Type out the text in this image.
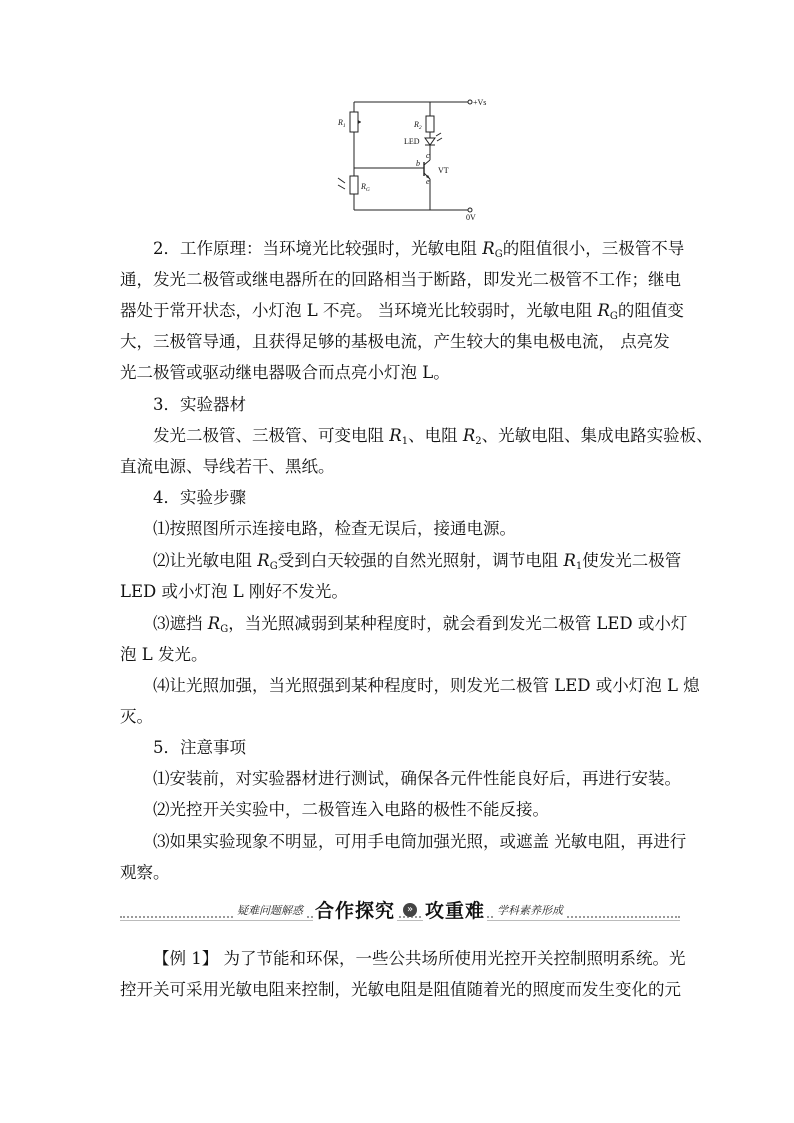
+Vs
$R_1$	$R_2$
LED
c
b
e
VT
$R_G$
0V

2．工作原理：当环境光比较强时，光敏电阻 $R_G$的阻值很小，三极管不导

通，发光二极管或继电器所在的回路相当于断路，即发光二极管不工作；继电
器处于常开状态，小灯泡 L 不亮。 当环境光比较弱时，光敏电阻 $R_G$的阻值变
大，三极管导通，且获得足够的基极电流，产生较大的集电极电流， 点亮发
光二极管或驱动继电器吸合而点亮小灯泡 L。

3．实验器材

发光二极管、三极管、可变电阻 $R_1$、电阻 $R_2$、光敏电阻、集成电路实验板、

直流电源、导线若干、黑纸。

4．实验步骤

⑴按照图所示连接电路，检查无误后，接通电源。

⑵让光敏电阻 $R_G$受到白天较强的自然光照射，调节电阻 $R_1$使发光二极管

LED 或小灯泡 L 刚好不发光。

⑶遮挡 $R_G$，当光照减弱到某种程度时，就会看到发光二极管 LED 或小灯

泡 L 发光。

⑷让光照加强，当光照强到某种程度时，则发光二极管 LED 或小灯泡 L 熄

灭。

5．注意事项

⑴安装前，对实验器材进行测试，确保各元件性能良好后，再进行安装。

⑵光控开关实验中，二极管连入电路的极性不能反接。

⑶如果实验现象不明显，可用手电筒加强光照，或遮盖 光敏电阻，再进行

观察。

疑难问题解惑 合作探究	» 攻重难	学科素养形成

【例 1】 为了节能和环保，一些公共场所使用光控开关控制照明系统。光

控开关可采用光敏电阻来控制，光敏电阻是阻值随着光的照度而发生变化的元
